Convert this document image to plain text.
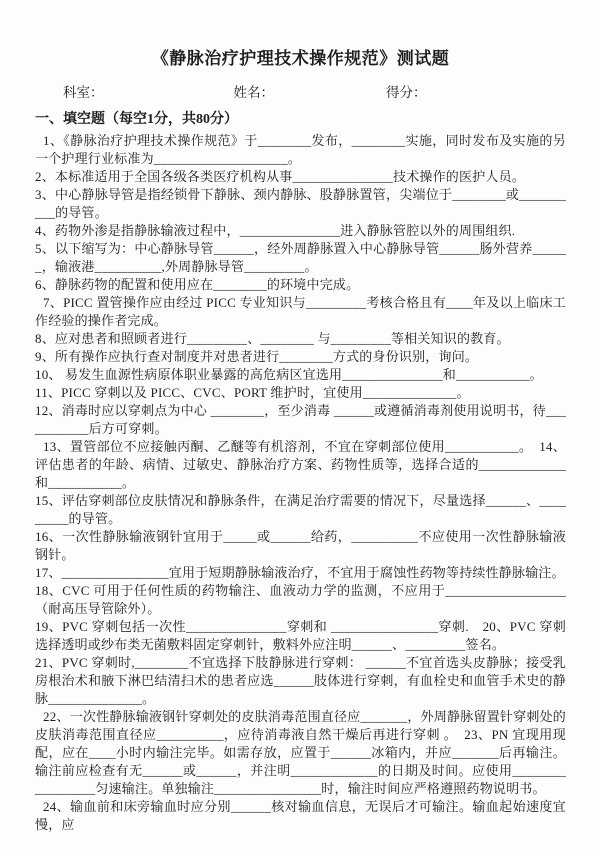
《静脉治疗护理技术操作规范》测试题
科室：	姓名：	得分：
一、填空题（每空1分，共80分）

1、《静脉治疗护理技术操作规范》于________发布，________实施，同时发布及实施的另一个护理行业标准为____________________。

2、本标准适用于全国各级各类医疗机构从事_______________技术操作的医护人员。

3、中心静脉导管是指经锁骨下静脉、颈内静脉、股静脉置管，尖端位于________或__________的导管。

4、药物外渗是指静脉输液过程中，_______________进入静脉管腔以外的周围组织.

5、以下缩写为：中心静脉导管______，经外周静脉置入中心静脉导管______肠外营养______，输液港__________,外周静脉导管_________。

6、静脉药物的配置和使用应在________的环境中完成。

7、PICC 置管操作应由经过 PICC 专业知识与_________考核合格且有____年及以上临床工作经验的操作者完成。

8、应对患者和照顾者进行_________、________ 与_________等相关知识的教育。

9、所有操作应执行查对制度并对患者进行________方式的身份识别，询问。

10、 易发生血源性病原体职业暴露的高危病区宜选用_______________和___________。

11、PICC 穿刺以及 PICC、CVC、PORT 维护时，宜使用______________。

12、消毒时应以穿刺点为中心 ________，至少消毒 ______或遵循消毒剂使用说明书，待___________后方可穿刺。

13、置管部位不应接触丙酮、乙醚等有机溶剂，不宜在穿刺部位使用___________。　14、评估患者的年龄、病情、过敏史、静脉治疗方案、药物性质等，选择合适的_____________和___________。

15、评估穿刺部位皮肤情况和静脉条件，在满足治疗需要的情况下，尽量选择______、_________的导管。

16、一次性静脉输液钢针宜用于_____或______给药，__________不应使用一次性静脉输液钢针。

17、________________宜用于短期静脉输液治疗，不宜用于腐蚀性药物等持续性静脉输注。

18、CVC 可用于任何性质的药物输注、血液动力学的监测，不应用于__________________（耐高压导管除外）。

19、PVC 穿刺包括一次性_______________穿刺和 ________________穿刺.　20、PVC 穿刺选择透明或纱布类无菌敷料固定穿刺针，敷料外应注明______、_________签名。

21、PVC 穿刺时,________不宜选择下肢静脉进行穿刺： ______不宜首选头皮静脉；接受乳房根治术和腋下淋巴结清扫术的患者应选______肢体进行穿刺，有血栓史和血管手术史的静脉______________。

22、一次性静脉输液钢针穿刺处的皮肤消毒范围直径应_______，外周静脉留置针穿刺处的皮肤消毒范围直径应__________，应待消毒液自然干燥后再进行穿刺 。　23、PN 宜现用现配，应在____小时内输注完毕。如需存放，应置于______冰箱内，并应_______后再输注。输注前应检查有无______或______，并注明_____________的日期及时间。应使用_________________匀速输注。单独输注________________时，输注时间应严格遵照药物说明书。

24、输血前和床旁输血时应分别______核对输血信息，无误后才可输注。输血起始速度宜慢，应
